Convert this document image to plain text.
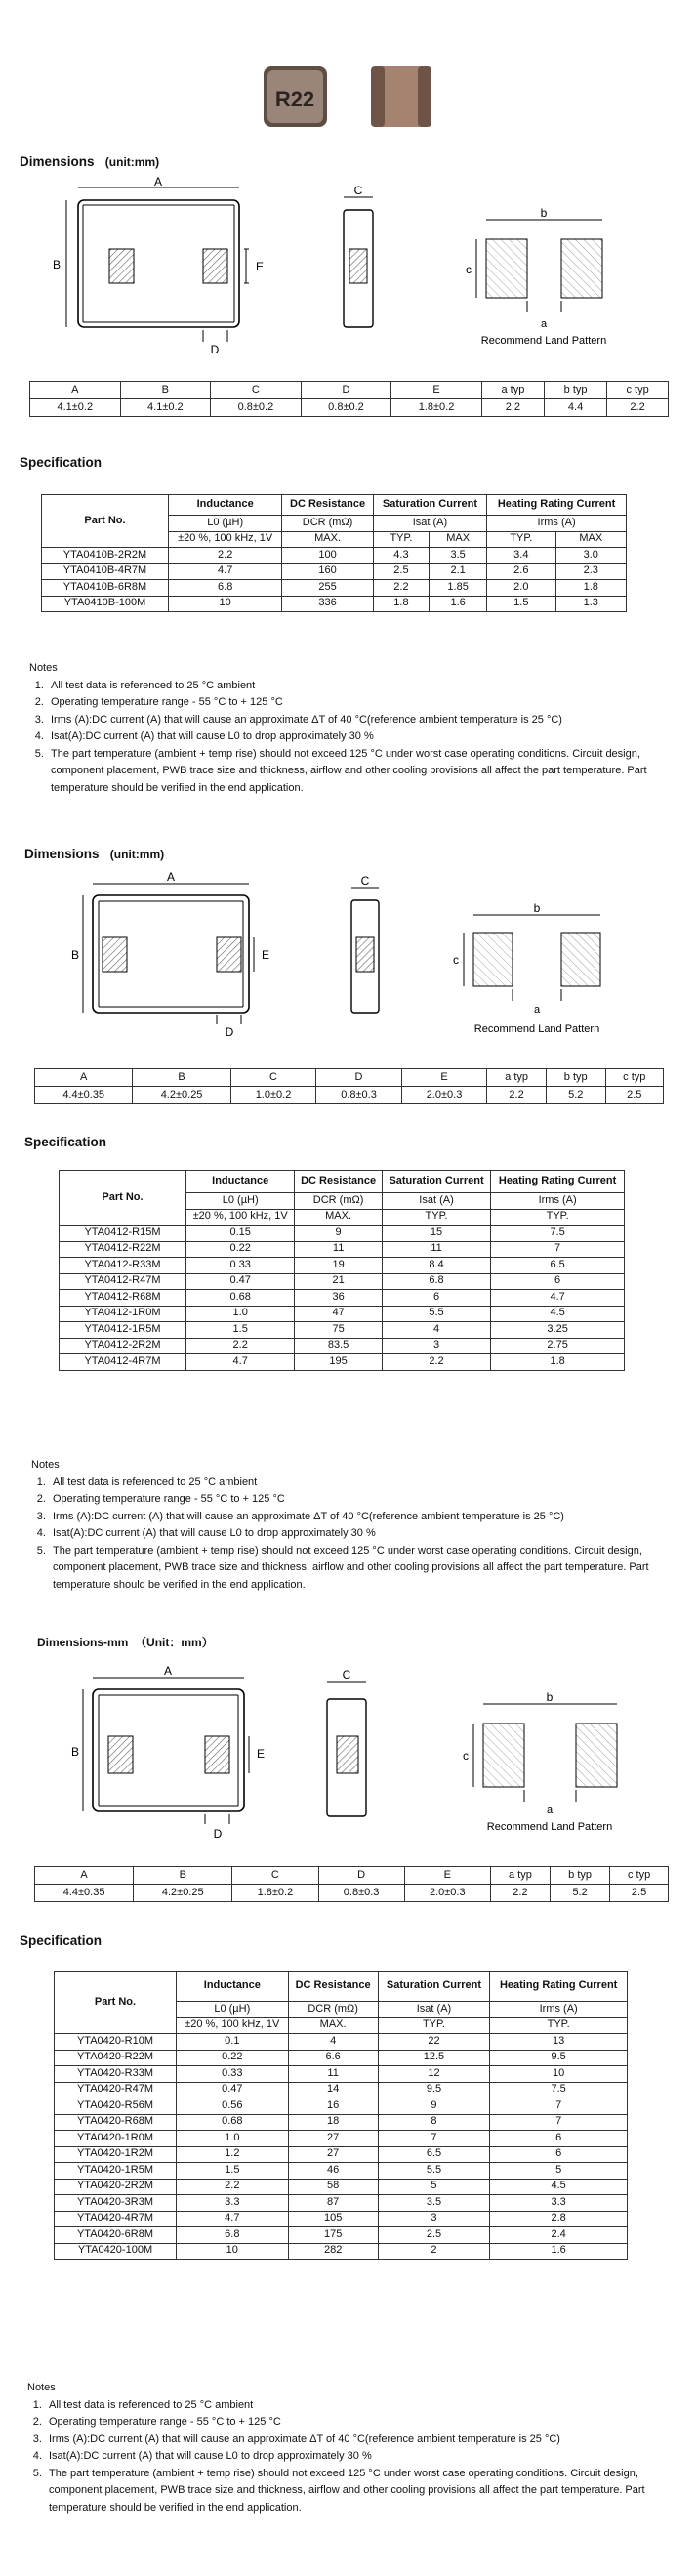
R22
Dimensions (unit:mm)
A
B	E
D
C
b
c
a
Recommend Land Pattern
A	B	C	D	E	a typ	b typ	c typ
4.1±0.2	4.1±0.2	0.8±0.2	0.8±0.2	1.8±0.2	2.2	4.4	2.2
Specification
Part No.	Inductance	DC Resistance	Saturation Current		Heating Rating Current	
	L0 (µH)	DCR (mΩ)	Isat (A)		Irms (A)	
	±20 %, 100 kHz, 1V	MAX.	TYP.	MAX	TYP.	MAX
YTA0410B-2R2M	2.2	100	4.3	3.5	3.4	3.0
YTA0410B-4R7M	4.7	160	2.5	2.1	2.6	2.3
YTA0410B-6R8M	6.8	255	2.2	1.85	2.0	1.8
YTA0410B-100M	10	336	1.8	1.6	1.5	1.3
Notes
1. All test data is referenced to 25 °C ambient
2. Operating temperature range - 55 °C to + 125 °C
3. Irms (A):DC current (A) that will cause an approximate ΔT of 40 °C(reference ambient temperature is 25 °C)
4. Isat(A):DC current (A) that will cause L0 to drop approximately 30 %
5. The part temperature (ambient + temp rise) should not exceed 125 °C under worst case operating conditions. Circuit design, component placement, PWB trace size and thickness, airflow and other cooling provisions all affect the part temperature. Part temperature should be verified in the end application.
Dimensions (unit:mm)
A
B	E
D
C
b
c
a
Recommend Land Pattern
A	B	C	D	E	a typ	b typ	c typ
4.4±0.35	4.2±0.25	1.0±0.2	0.8±0.3	2.0±0.3	2.2	5.2	2.5
Specification
Part No.	Inductance	DC Resistance	Saturation Current	Heating Rating Current
	L0 (µH)	DCR (mΩ)	Isat (A)	Irms (A)
	±20 %, 100 kHz, 1V	MAX.	TYP.	TYP.
YTA0412-R15M	0.15	9	15	7.5
YTA0412-R22M	0.22	11	11	7
YTA0412-R33M	0.33	19	8.4	6.5
YTA0412-R47M	0.47	21	6.8	6
YTA0412-R68M	0.68	36	6	4.7
YTA0412-1R0M	1.0	47	5.5	4.5
YTA0412-1R5M	1.5	75	4	3.25
YTA0412-2R2M	2.2	83.5	3	2.75
YTA0412-4R7M	4.7	195	2.2	1.8
Notes
1. All test data is referenced to 25 °C ambient
2. Operating temperature range - 55 °C to + 125 °C
3. Irms (A):DC current (A) that will cause an approximate ΔT of 40 °C(reference ambient temperature is 25 °C)
4. Isat(A):DC current (A) that will cause L0 to drop approximately 30 %
5. The part temperature (ambient + temp rise) should not exceed 125 °C under worst case operating conditions. Circuit design, component placement, PWB trace size and thickness, airflow and other cooling provisions all affect the part temperature. Part temperature should be verified in the end application.
Dimensions-mm （Unit：mm）
A
B	E
D
C
b
c
a
Recommend Land Pattern
A	B	C	D	E	a typ	b typ	c typ
4.4±0.35	4.2±0.25	1.8±0.2	0.8±0.3	2.0±0.3	2.2	5.2	2.5
Specification
Part No.	Inductance	DC Resistance	Saturation Current	Heating Rating Current
	L0 (µH)	DCR (mΩ)	Isat (A)	Irms (A)
	±20 %, 100 kHz, 1V	MAX.	TYP.	TYP.
YTA0420-R10M	0.1	4	22	13
YTA0420-R22M	0.22	6.6	12.5	9.5
YTA0420-R33M	0.33	11	12	10
YTA0420-R47M	0.47	14	9.5	7.5
YTA0420-R56M	0.56	16	9	7
YTA0420-R68M	0.68	18	8	7
YTA0420-1R0M	1.0	27	7	6
YTA0420-1R2M	1.2	27	6.5	6
YTA0420-1R5M	1.5	46	5.5	5
YTA0420-2R2M	2.2	58	5	4.5
YTA0420-3R3M	3.3	87	3.5	3.3
YTA0420-4R7M	4.7	105	3	2.8
YTA0420-6R8M	6.8	175	2.5	2.4
YTA0420-100M	10	282	2	1.6
Notes
1. All test data is referenced to 25 °C ambient
2. Operating temperature range - 55 °C to + 125 °C
3. Irms (A):DC current (A) that will cause an approximate ΔT of 40 °C(reference ambient temperature is 25 °C)
4. Isat(A):DC current (A) that will cause L0 to drop approximately 30 %
5. The part temperature (ambient + temp rise) should not exceed 125 °C under worst case operating conditions. Circuit design, component placement, PWB trace size and thickness, airflow and other cooling provisions all affect the part temperature. Part temperature should be verified in the end application.
